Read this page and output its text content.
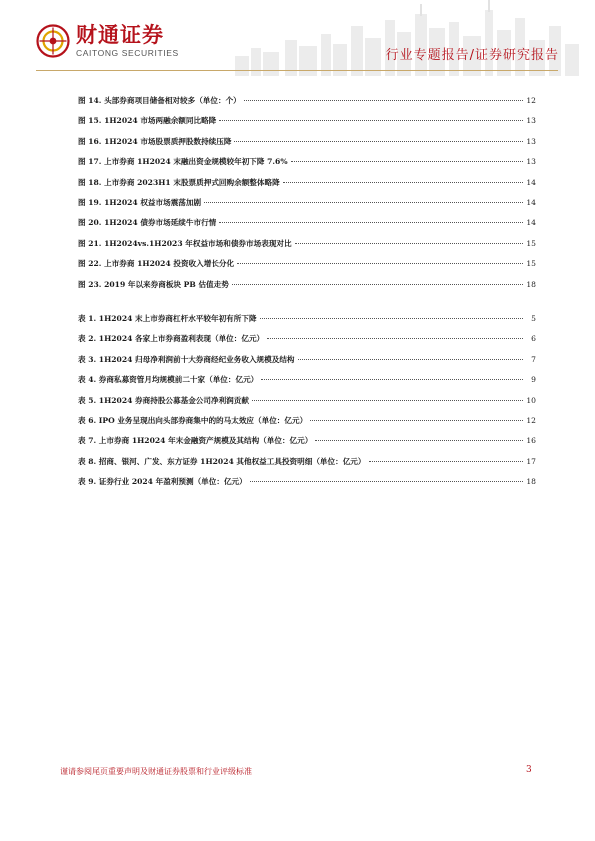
财通证券
CAITONG SECURITIES	行业专题报告/证券研究报告
图 14. 头部券商项目储备相对较多（单位：个）	12
图 15. 1H2024 市场两融余额同比略降	13
图 16. 1H2024 市场股票质押股数持续压降	13
图 17. 上市券商 1H2024 末融出资金规模较年初下降 7.6%	13
图 18. 上市券商 2023H1 末股票质押式回购余额整体略降	14
图 19. 1H2024 权益市场震荡加剧	14
图 20. 1H2024 债券市场延续牛市行情	14
图 21. 1H2024vs.1H2023 年权益市场和债券市场表现对比	15
图 22. 上市券商 1H2024 投资收入增长分化	15
图 23. 2019 年以来券商板块 PB 估值走势	18
表 1. 1H2024 末上市券商杠杆水平较年初有所下降	5
表 2. 1H2024 各家上市券商盈利表现（单位：亿元）	6
表 3. 1H2024 归母净利润前十大券商经纪业务收入规模及结构	7
表 4. 券商私募资管月均规模前二十家（单位：亿元）	9
表 5. 1H2024 券商持股公募基金公司净利润贡献	10
表 6. IPO 业务呈现出向头部券商集中的的马太效应（单位：亿元）	12
表 7. 上市券商 1H2024 年末金融资产规模及其结构（单位：亿元）	16
表 8. 招商、银河、广发、东方证券 1H2024 其他权益工具投资明细（单位：亿元）	17
表 9. 证券行业 2024 年盈利预测（单位：亿元）	18
谨请参阅尾页重要声明及财通证券股票和行业评级标准	3
